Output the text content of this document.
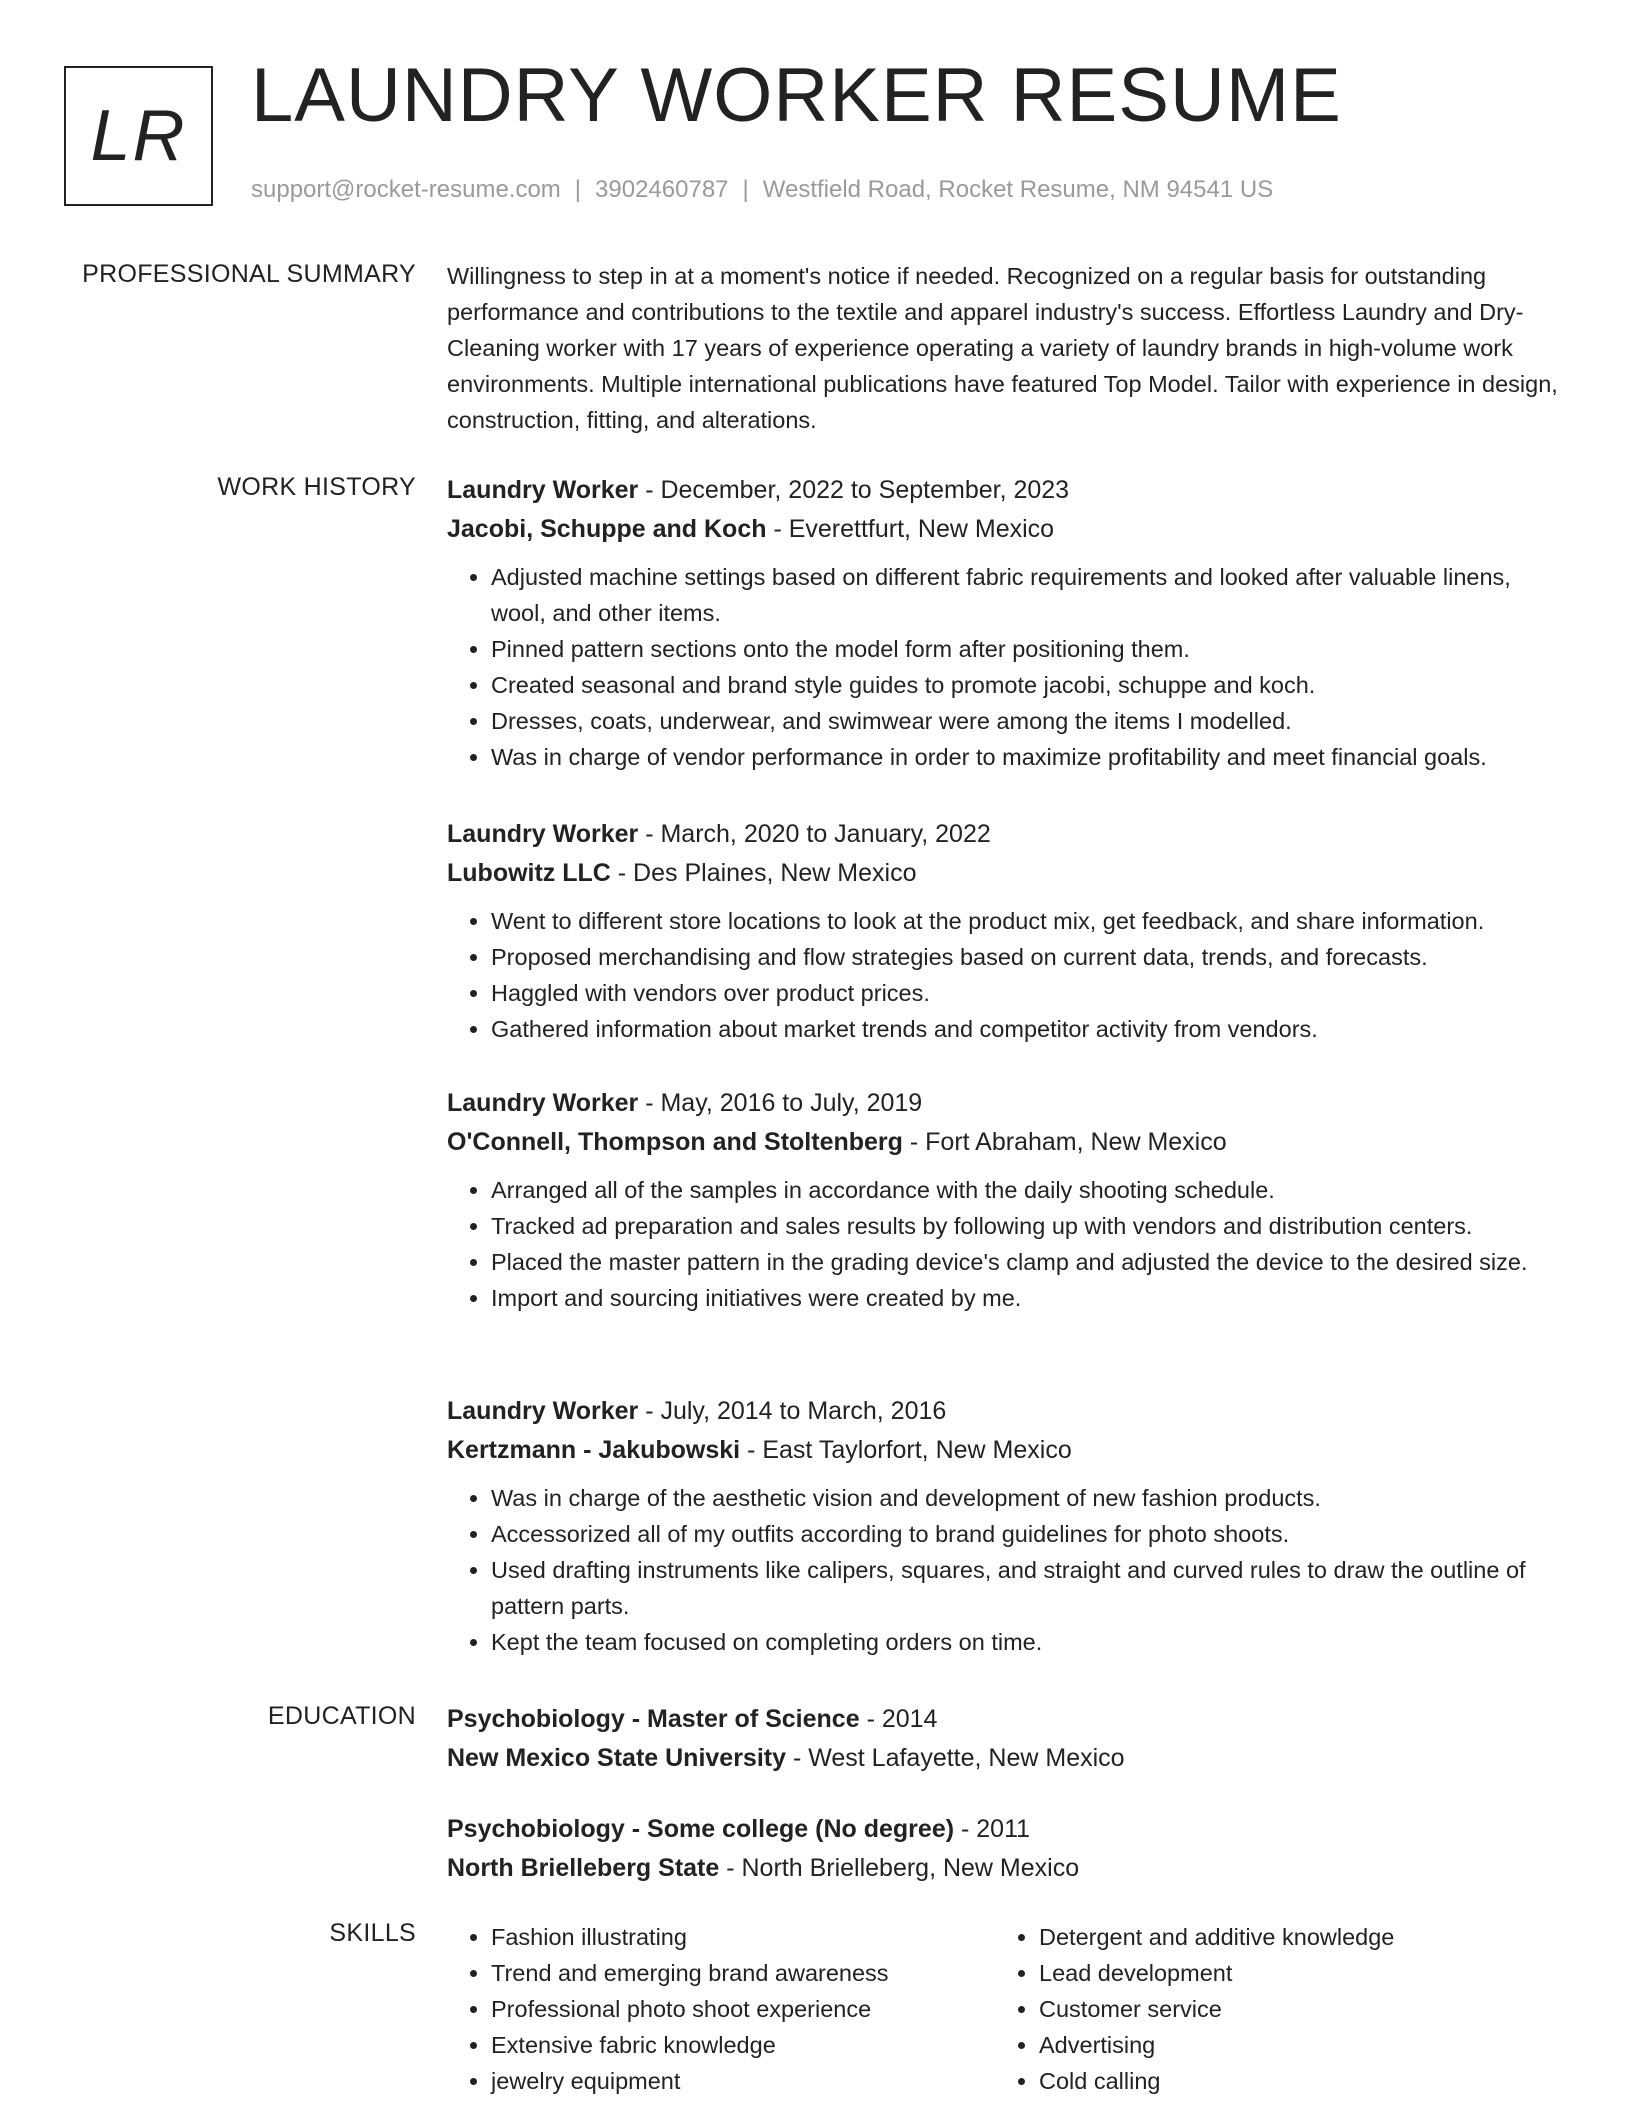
LR LAUNDRY WORKER RESUME
support@rocket-resume.com | 3902460787 | Westfield Road, Rocket Resume, NM 94541 US
PROFESSIONAL SUMMARY Willingness to step in at a moment's notice if needed. Recognized on a regular basis for outstanding performance and contributions to the textile and apparel industry's success. Effortless Laundry and Dry-Cleaning worker with 17 years of experience operating a variety of laundry brands in high-volume work environments. Multiple international publications have featured Top Model. Tailor with experience in design, construction, fitting, and alterations.

WORK HISTORY Laundry Worker - December, 2022 to September, 2023

Jacobi, Schuppe and Koch - Everettfurt, New Mexico

• Adjusted machine settings based on different fabric requirements and looked after valuable linens, wool, and other items.
• Pinned pattern sections onto the model form after positioning them.
• Created seasonal and brand style guides to promote jacobi, schuppe and koch.
• Dresses, coats, underwear, and swimwear were among the items I modelled.
• Was in charge of vendor performance in order to maximize profitability and meet financial goals.

Laundry Worker - March, 2020 to January, 2022

Lubowitz LLC - Des Plaines, New Mexico

• Went to different store locations to look at the product mix, get feedback, and share information.
• Proposed merchandising and flow strategies based on current data, trends, and forecasts.
• Haggled with vendors over product prices.
• Gathered information about market trends and competitor activity from vendors.

Laundry Worker - May, 2016 to July, 2019

O'Connell, Thompson and Stoltenberg - Fort Abraham, New Mexico

• Arranged all of the samples in accordance with the daily shooting schedule.
• Tracked ad preparation and sales results by following up with vendors and distribution centers.
• Placed the master pattern in the grading device's clamp and adjusted the device to the desired size.
• Import and sourcing initiatives were created by me.

Laundry Worker - July, 2014 to March, 2016

Kertzmann - Jakubowski - East Taylorfort, New Mexico

• Was in charge of the aesthetic vision and development of new fashion products.
• Accessorized all of my outfits according to brand guidelines for photo shoots.
• Used drafting instruments like calipers, squares, and straight and curved rules to draw the outline of pattern parts.
• Kept the team focused on completing orders on time.
EDUCATION Psychobiology - Master of Science - 2014

New Mexico State University - West Lafayette, New Mexico

Psychobiology - Some college (No degree) - 2011

North Brielleberg State - North Brielleberg, New Mexico

SKILLS
•	Fashion illustrating
• Trend and emerging brand awareness
• Professional photo shoot experience
• Extensive fabric knowledge
• jewelry equipment
• Detergent and additive knowledge
• Lead development
• Customer service
• Advertising
• Cold calling
